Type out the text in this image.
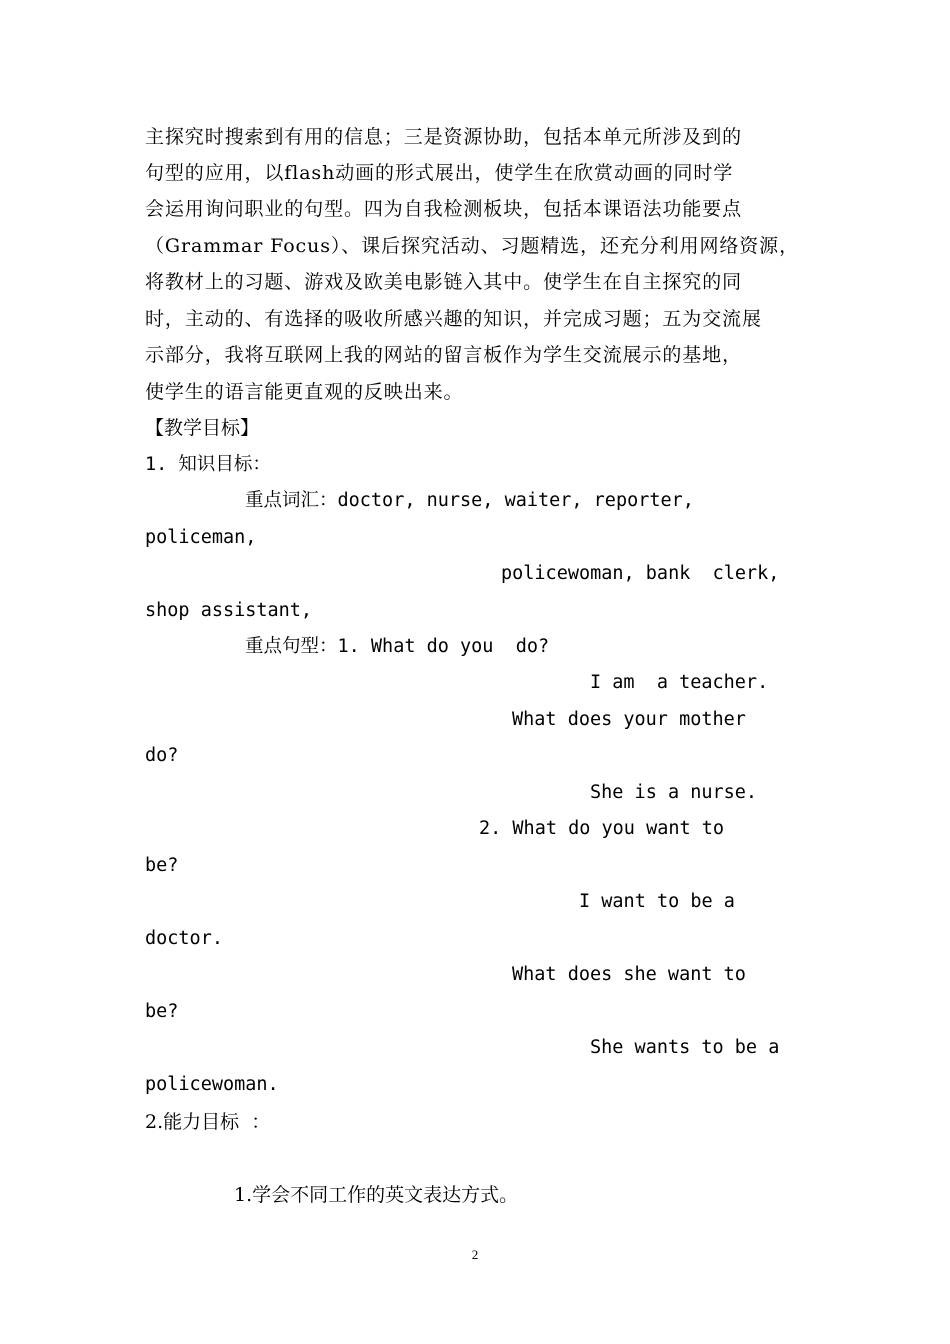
主探究时搜索到有用的信息；三是资源协助，包括本单元所涉及到的
句型的应用，以flash动画的形式展出，使学生在欣赏动画的同时学
会运用询问职业的句型。四为自我检测板块，包括本课语法功能要点
（Grammar Focus）、课后探究活动、习题精选，还充分利用网络资源，
将教材上的习题、游戏及欧美电影链入其中。使学生在自主探究的同
时，主动的、有选择的吸收所感兴趣的知识，并完成习题；五为交流展
示部分，我将互联网上我的网站的留言板作为学生交流展示的基地，
使学生的语言能更直观的反映出来。
【教学目标】
1. 知识目标：
重点词汇：doctor, nurse, waiter, reporter,
policeman,
policewoman, bank  clerk,
shop assistant,
重点句型：1. What do you  do?
I am  a teacher.
What does your mother
do?
She is a nurse.
2. What do you want to
be?
I want to be a
doctor.
What does she want to
be?
She wants to be a
policewoman.
2.能力目标  ：
1.学会不同工作的英文表达方式。
2
